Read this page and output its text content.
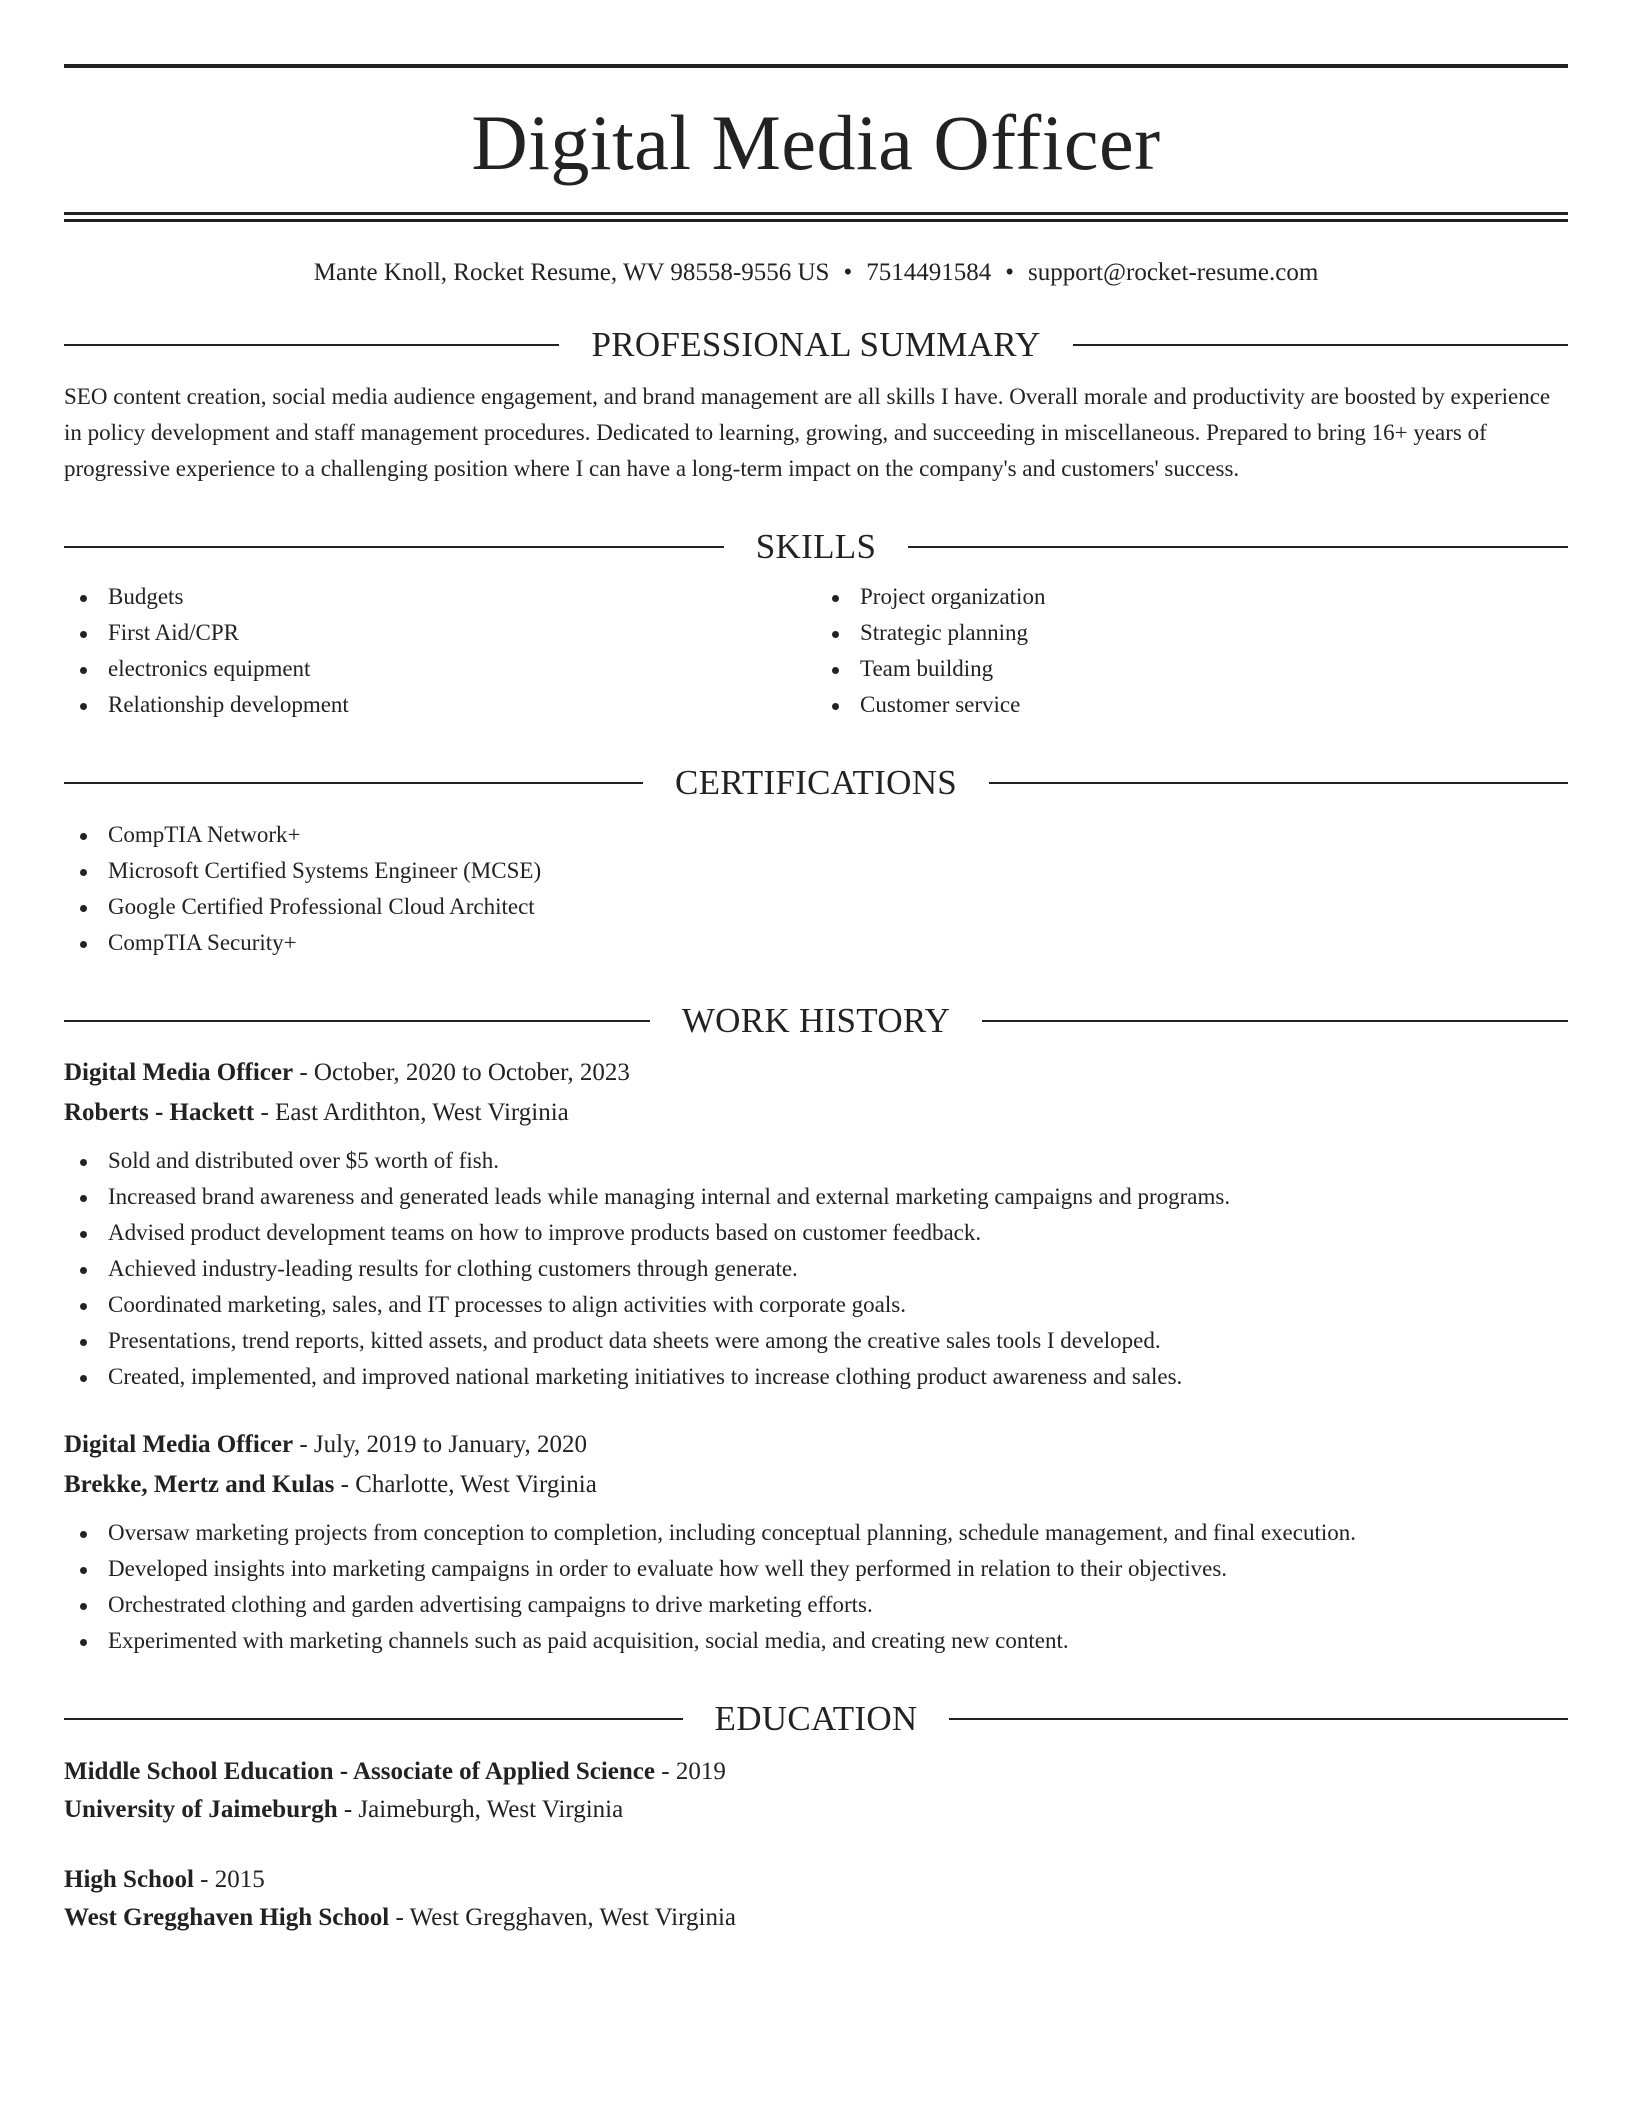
Digital Media Officer
Mante Knoll, Rocket Resume, WV 98558-9556 US • 7514491584 • support@rocket-resume.com
PROFESSIONAL SUMMARY
SEO content creation, social media audience engagement, and brand management are all skills I have. Overall morale and productivity are boosted by experience in policy development and staff management procedures. Dedicated to learning, growing, and succeeding in miscellaneous. Prepared to bring 16+ years of progressive experience to a challenging position where I can have a long-term impact on the company's and customers' success.
SKILLS
Budgets
First Aid/CPR
electronics equipment
Relationship development
Project organization
Strategic planning
Team building
Customer service
CERTIFICATIONS
CompTIA Network+
Microsoft Certified Systems Engineer (MCSE)
Google Certified Professional Cloud Architect
CompTIA Security+
WORK HISTORY
Digital Media Officer - October, 2020 to October, 2023
Roberts - Hackett - East Ardithton, West Virginia
Sold and distributed over $5 worth of fish.
Increased brand awareness and generated leads while managing internal and external marketing campaigns and programs.
Advised product development teams on how to improve products based on customer feedback.
Achieved industry-leading results for clothing customers through generate.
Coordinated marketing, sales, and IT processes to align activities with corporate goals.
Presentations, trend reports, kitted assets, and product data sheets were among the creative sales tools I developed.
Created, implemented, and improved national marketing initiatives to increase clothing product awareness and sales.
Digital Media Officer - July, 2019 to January, 2020
Brekke, Mertz and Kulas - Charlotte, West Virginia
Oversaw marketing projects from conception to completion, including conceptual planning, schedule management, and final execution.
Developed insights into marketing campaigns in order to evaluate how well they performed in relation to their objectives.
Orchestrated clothing and garden advertising campaigns to drive marketing efforts.
Experimented with marketing channels such as paid acquisition, social media, and creating new content.
EDUCATION
Middle School Education - Associate of Applied Science - 2019
University of Jaimeburgh - Jaimeburgh, West Virginia
High School - 2015
West Gregghaven High School - West Gregghaven, West Virginia
